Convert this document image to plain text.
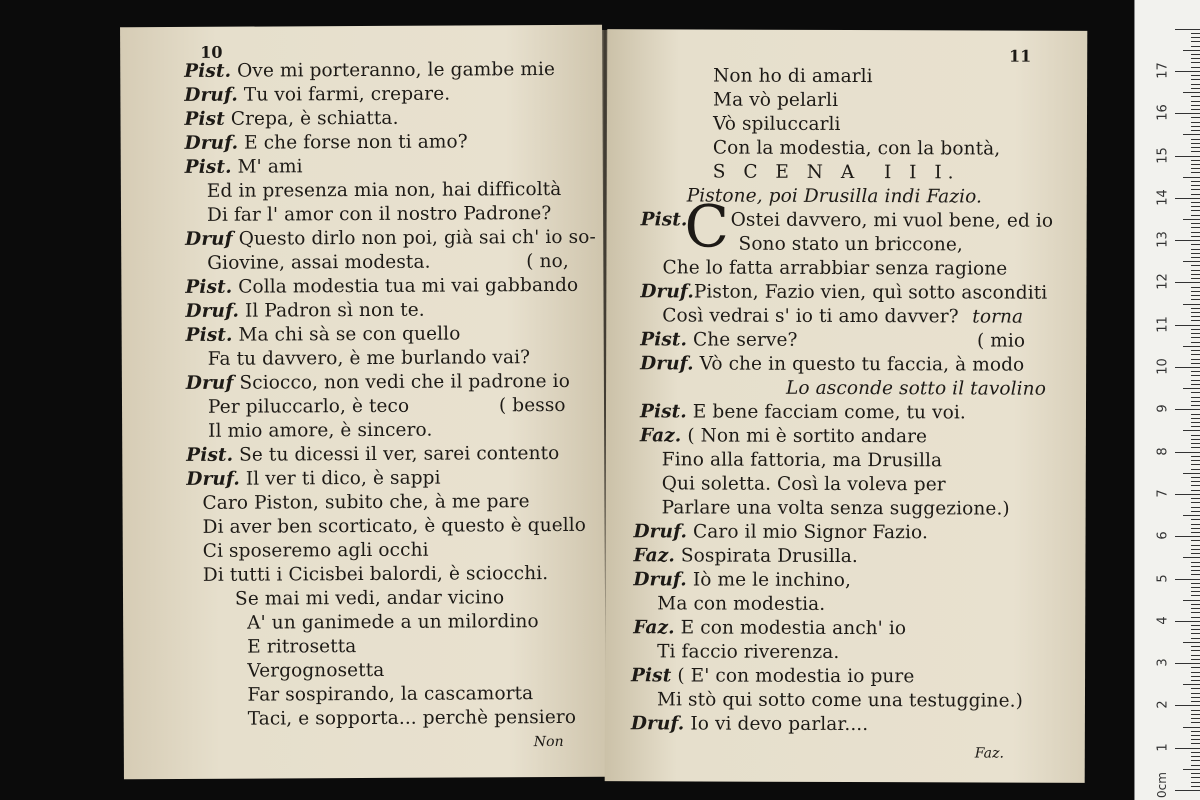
10
Pist. Ove mi porteranno, le gambe mie
Druf. Tu voi farmi, crepare.
Pist Crepa, è schiatta.
Druf. E che forse non ti amo?
Pist. M' ami
Ed in presenza mia non, hai difficoltà
Di far l' amor con il nostro Padrone?
Druf Questo dirlo non poi, già sai ch' io so-
Giovine, assai modesta.                ( no,
Pist. Colla modestia tua mi vai gabbando
Druf. Il Padron sì non te.
Pist. Ma chi sà se con quello
Fa tu davvero, è me burlando vai?
Druf Sciocco, non vedi che il padrone io
Per piluccarlo, è teco               ( besso
Il mio amore, è sincero.
Pist. Se tu dicessi il ver, sarei contento
Druf. Il ver ti dico, è sappi
Caro Piston, subito che, à me pare
Di aver ben scorticato, è questo è quello
Ci sposeremo agli occhi
Di tutti i Cicisbei balordi, è sciocchi.
Se mai mi vedi, andar vicino
A' un ganimede a un milordino
E ritrosetta
Vergognosetta
Far sospirando, la cascamorta
Taci, e sopporta... perchè pensiero
Non
11
Non ho di amarli
Ma vò pelarli
Vò spiluccarli
Con la modestia, con la bontà,
S C E N A  I I I.
Pistone, poi Drusilla indi Fazio.
Pist.
C Ostei davvero, mi vuol bene, ed io
Sono stato un briccone,
Che lo fatta arrabbiar senza ragione
Druf.Piston, Fazio vien, quì sotto asconditi
Così vedrai s' io ti amo davver? torna
Pist. Che serve?                              ( mio
Druf. Vò che in questo tu faccia, à modo
Lo asconde sotto il tavolino
Pist. E bene facciam come, tu voi.
Faz. ( Non mi è sortito andare
Fino alla fattoria, ma Drusilla
Qui soletta. Così la voleva per
Parlare una volta senza suggezione.)
Druf. Caro il mio Signor Fazio.
Faz. Sospirata Drusilla.
Druf. Iò me le inchino,
Ma con modestia.
Faz. E con modestia anch' io
Ti faccio riverenza.
Pist ( E' con modestia io pure
Mi stò qui sotto come una testuggine.)
Druf. Io vi devo parlar....
Faz.
0cm
1
2
3
4
5
6
7
8
9
10
11
12
13
14
15
16
17
